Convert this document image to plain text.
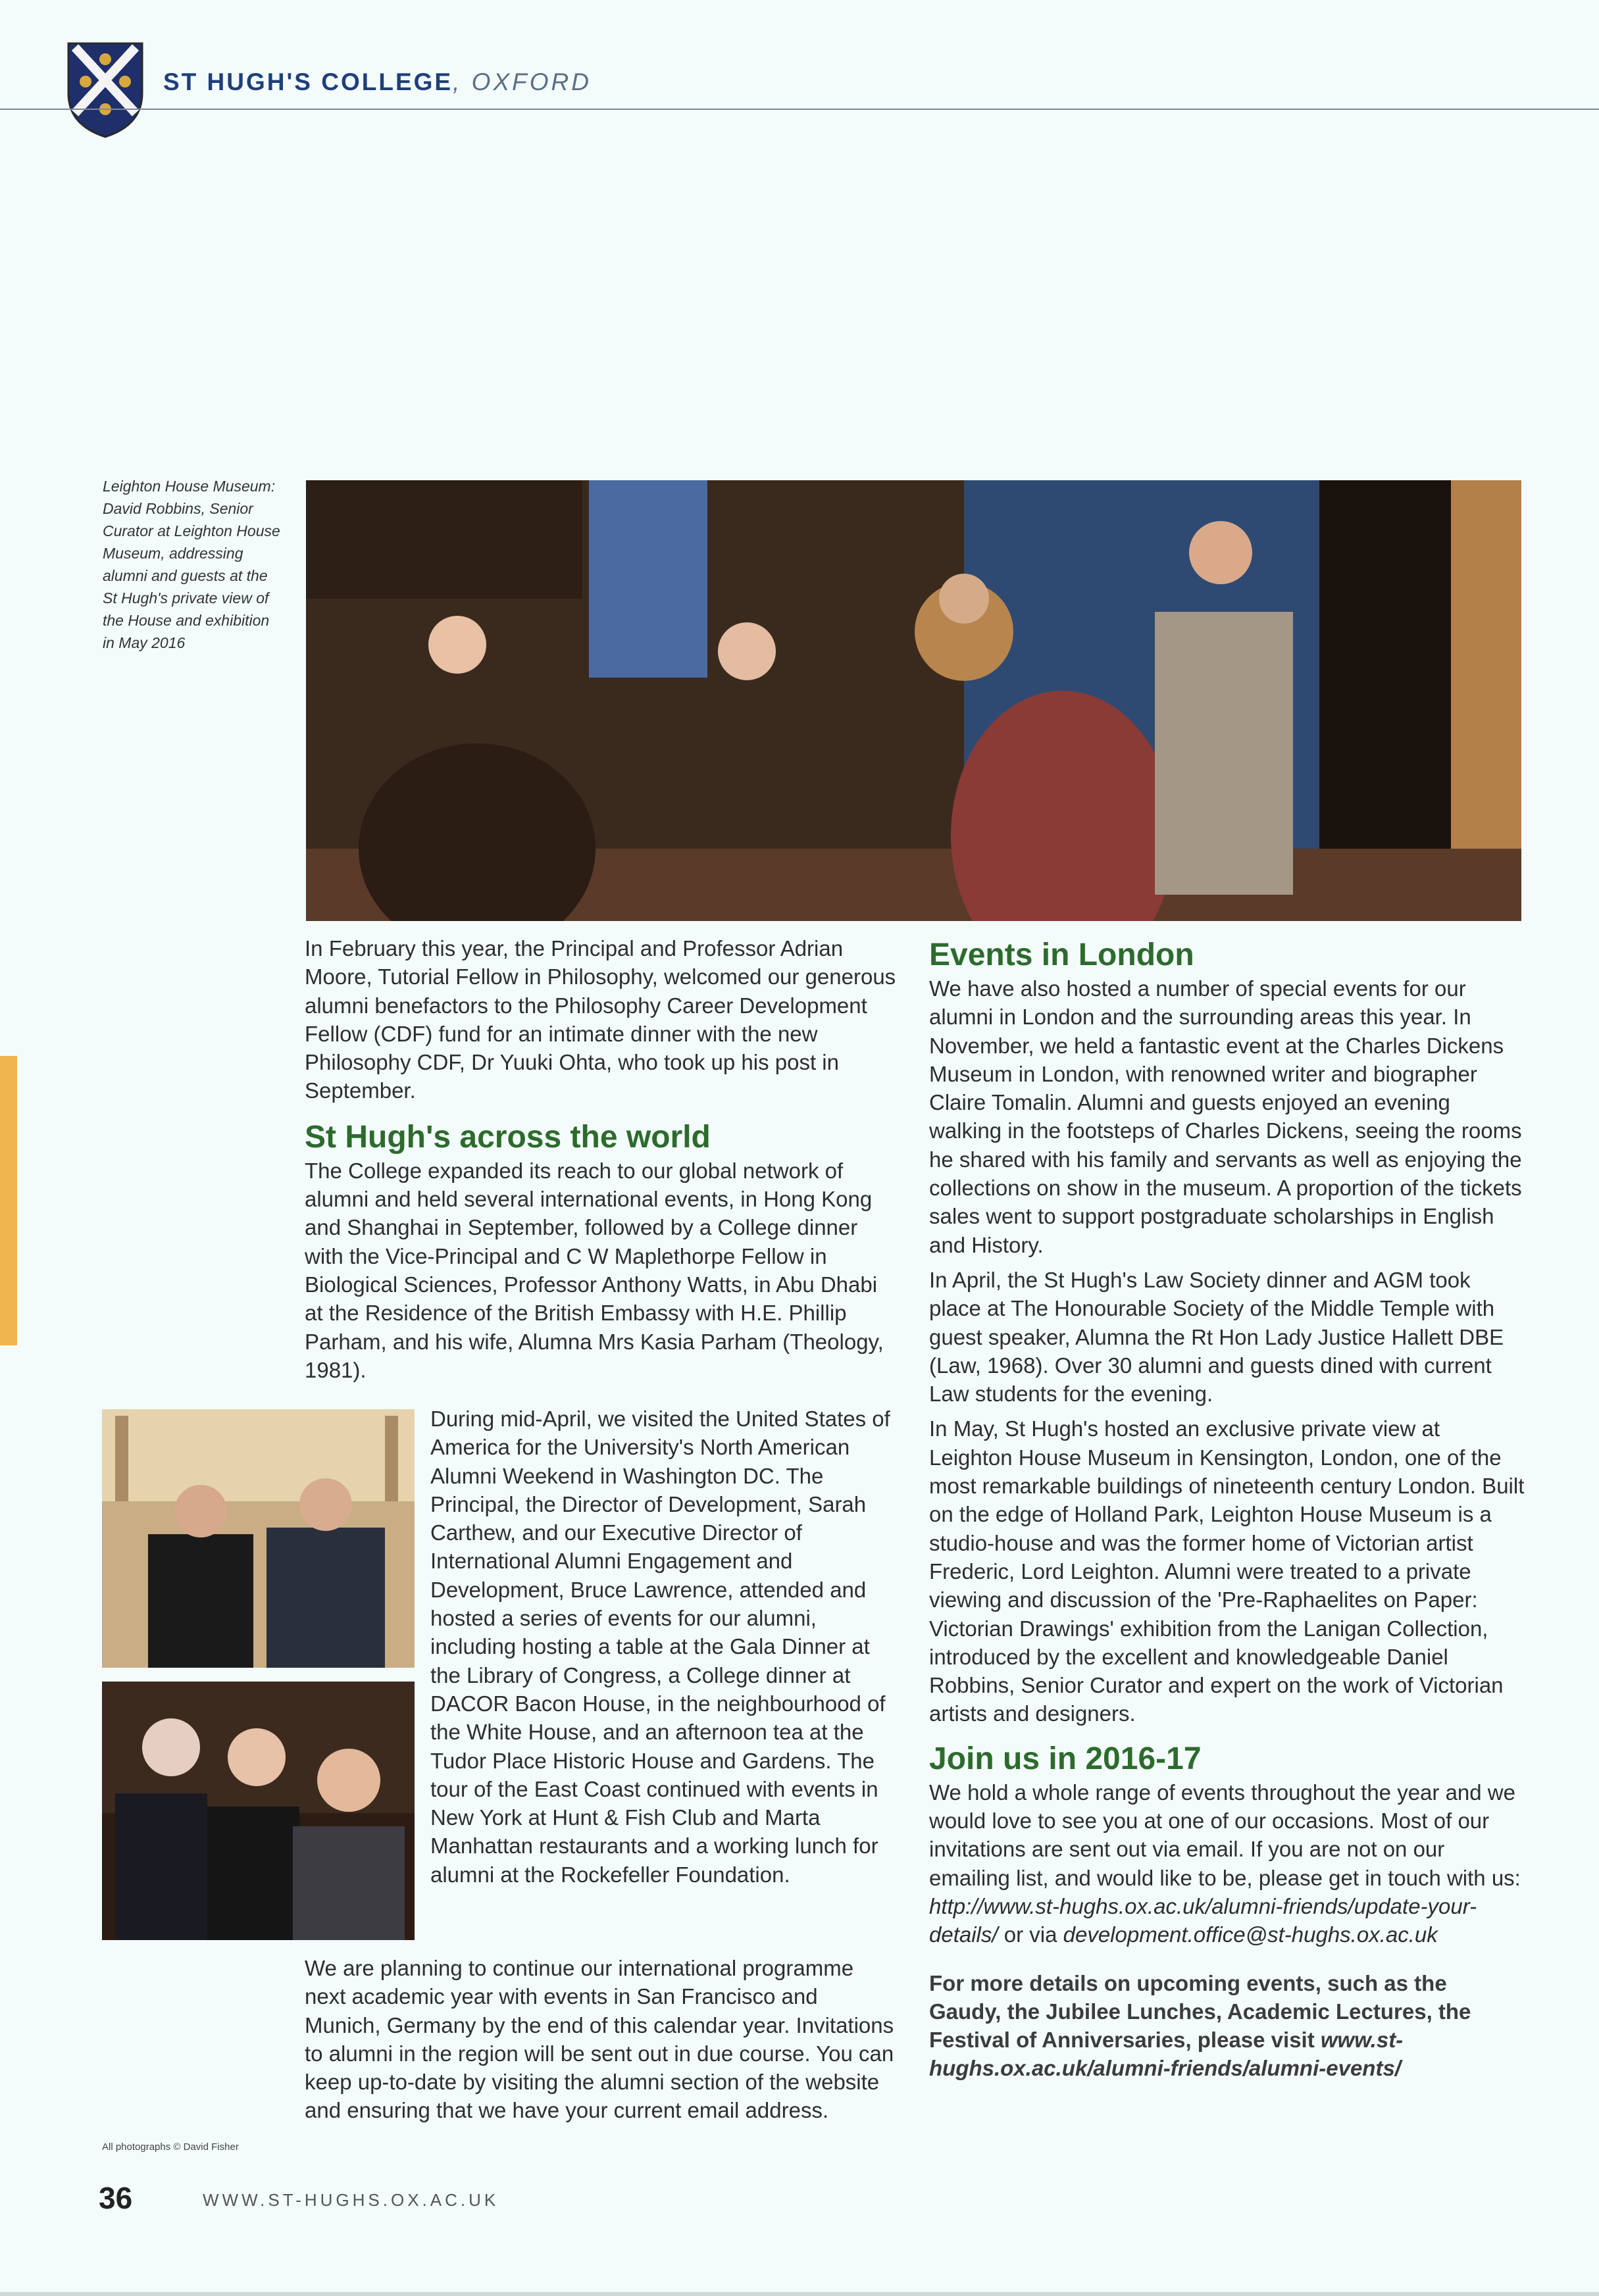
ST HUGH'S COLLEGE, OXFORD
Leighton House Museum: David Robbins, Senior Curator at Leighton House Museum, addressing alumni and guests at the St Hugh's private view of the House and exhibition in May 2016

In February this year, the Principal and Professor Adrian Moore, Tutorial Fellow in Philosophy, welcomed our generous alumni benefactors to the Philosophy Career Development Fellow (CDF) fund for an intimate dinner with the new Philosophy CDF, Dr Yuuki Ohta, who took up his post in September.

St Hugh's across the world

The College expanded its reach to our global network of alumni and held several international events, in Hong Kong and Shanghai in September, followed by a College dinner with the Vice-Principal and C W Maplethorpe Fellow in Biological Sciences, Professor Anthony Watts, in Abu Dhabi at the Residence of the British Embassy with H.E. Phillip Parham, and his wife, Alumna Mrs Kasia Parham (Theology, 1981).

During mid-April, we visited the United States of America for the University's North American Alumni Weekend in Washington DC. The Principal, the Director of Development, Sarah Carthew, and our Executive Director of International Alumni Engagement and Development, Bruce Lawrence, attended and hosted a series of events for our alumni, including hosting a table at the Gala Dinner at the Library of Congress, a College dinner at DACOR Bacon House, in the neighbourhood of the White House, and an afternoon tea at the Tudor Place Historic House and Gardens. The tour of the East Coast continued with events in New York at Hunt & Fish Club and Marta Manhattan restaurants and a working lunch for alumni at the Rockefeller Foundation.

We are planning to continue our international programme next academic year with events in San Francisco and Munich, Germany by the end of this calendar year. Invitations to alumni in the region will be sent out in due course. You can keep up-to-date by visiting the alumni section of the website and ensuring that we have your current email address.

Events in London

We have also hosted a number of special events for our alumni in London and the surrounding areas this year. In November, we held a fantastic event at the Charles Dickens Museum in London, with renowned writer and biographer Claire Tomalin. Alumni and guests enjoyed an evening walking in the footsteps of Charles Dickens, seeing the rooms he shared with his family and servants as well as enjoying the collections on show in the museum. A proportion of the tickets sales went to support postgraduate scholarships in English and History.

In April, the St Hugh's Law Society dinner and AGM took place at The Honourable Society of the Middle Temple with guest speaker, Alumna the Rt Hon Lady Justice Hallett DBE (Law, 1968). Over 30 alumni and guests dined with current Law students for the evening.

In May, St Hugh's hosted an exclusive private view at Leighton House Museum in Kensington, London, one of the most remarkable buildings of nineteenth century London. Built on the edge of Holland Park, Leighton House Museum is a studio-house and was the former home of Victorian artist Frederic, Lord Leighton. Alumni were treated to a private viewing and discussion of the 'Pre-Raphaelites on Paper: Victorian Drawings' exhibition from the Lanigan Collection, introduced by the excellent and knowledgeable Daniel Robbins, Senior Curator and expert on the work of Victorian artists and designers.

Join us in 2016-17

We hold a whole range of events throughout the year and we would love to see you at one of our occasions. Most of our invitations are sent out via email. If you are not on our emailing list, and would like to be, please get in touch with us: http://www.st-hughs.ox.ac.uk/alumni-friends/update-your-details/ or via development.office@st-hughs.ox.ac.uk

For more details on upcoming events, such as the Gaudy, the Jubilee Lunches, Academic Lectures, the Festival of Anniversaries, please visit www.st-hughs.ox.ac.uk/alumni-friends/alumni-events/

All photographs © David Fisher
36	WWW.ST-HUGHS.OX.AC.UK
